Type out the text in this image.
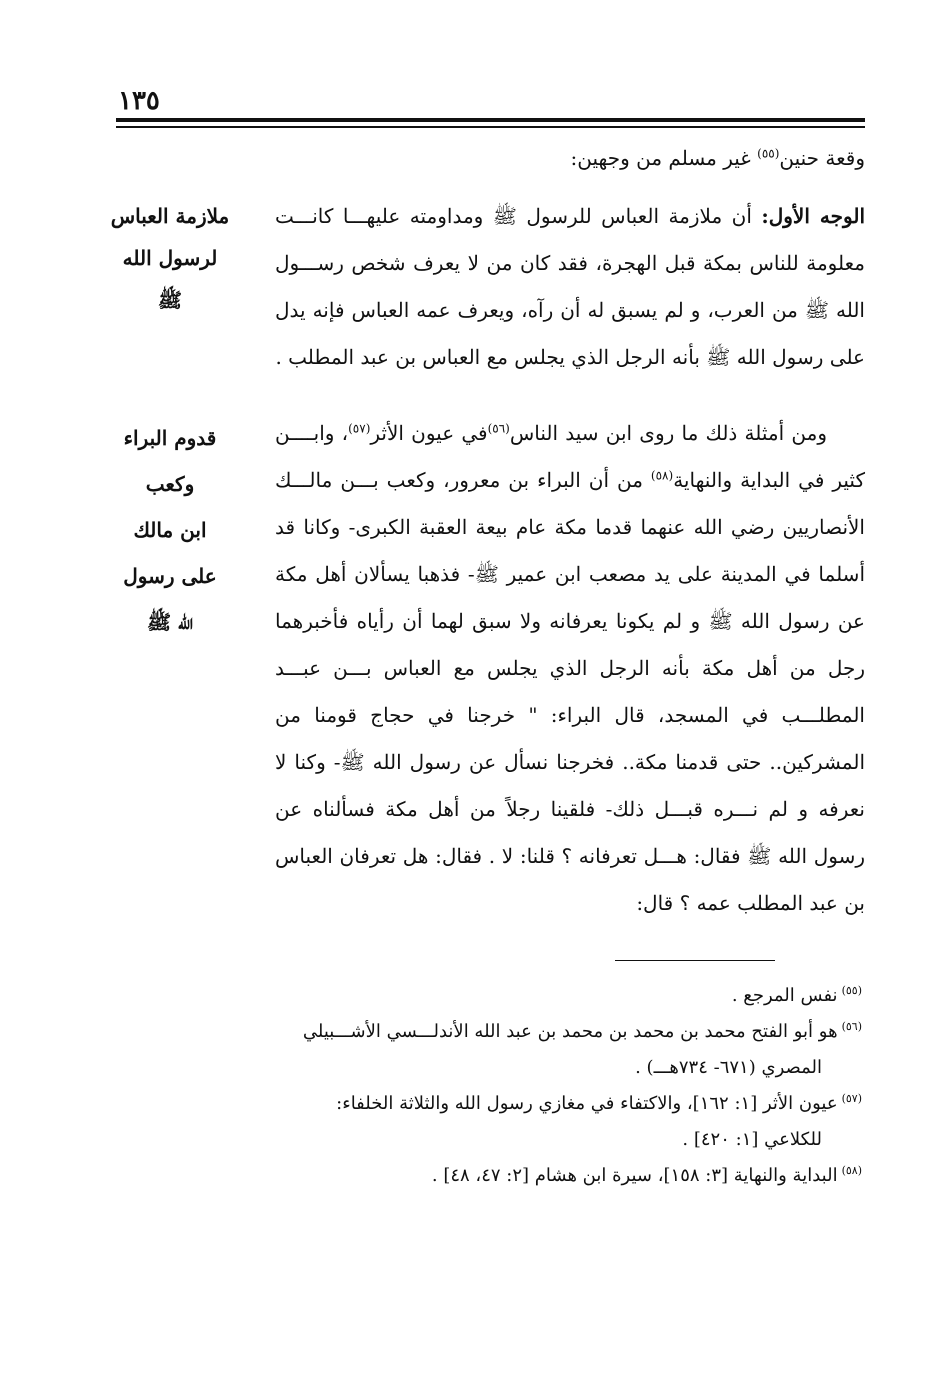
١٣٥
وقعة حنين$^{(٥٥)}$ غير مسلم من وجهين:
الوجه الأول: أن ملازمة العباس للرسول ﷺ ومداومته عليهـــا كانـــت معلومة للناس بمكة قبل الهجرة، فقد كان من لا يعرف شخص رســـول الله ﷺ من العرب، و لم يسبق له أن رآه، ويعرف عمه العباس فإنه يدل على رسول الله ﷺ بأنه الرجل الذي يجلس مع العباس بن عبد المطلب .
ملازمة العباس
لرسول الله
ﷺ
ومن أمثلة ذلك ما روى ابن سيد الناس$^{(٥٦)}$في عيون الأثر$^{(٥٧)}$، وابــــن كثير في البداية والنهاية$^{(٥٨)}$ من أن البراء بن معرور، وكعب بـــن مالـــك الأنصاريين رضي الله عنهما قدما مكة عام بيعة العقبة الكبرى- وكانا قد أسلما في المدينة على يد مصعب ابن عمير ﷺ- فذهبا يسألان أهل مكة عن رسول الله ﷺ و لم يكونا يعرفانه ولا سبق لهما أن رأياه فأخبرهما رجل من أهل مكة بأنه الرجل الذي يجلس مع العباس بـــن عبـــد المطلـــب في المسجد، قال البراء: " خرجنا في حجاج قومنا من المشركين.. حتى قدمنا مكة.. فخرجنا نسأل عن رسول الله ﷺ- وكنا لا نعرفه و لم نـــره قبـــل ذلك- فلقينا رجلاً من أهل مكة فسألناه عن رسول الله ﷺ فقال: هـــل تعرفانه ؟ قلنا: لا . فقال: هل تعرفان العباس بن عبد المطلب عمه ؟ قال:
قدوم البراء
وكعب
ابن مالك
على رسول
الله ﷺ

$^{(٥٥)}$نفس المرجع .

$^{(٥٦)}$هو أبو الفتح محمد بن محمد بن محمد بن عبد الله الأندلـــسي الأشـــبيلي

المصري (٦٧١- ٧٣٤هـــ) .

$^{(٥٧)}$عيون الأثر [١: ١٦٢]، والاكتفاء في مغازي رسول الله والثلاثة الخلفاء:

للكلاعي [١: ٤٢٠] .

$^{(٥٨)}$البداية والنهاية [٣: ١٥٨]، سيرة ابن هشام [٢: ٤٧، ٤٨] .
